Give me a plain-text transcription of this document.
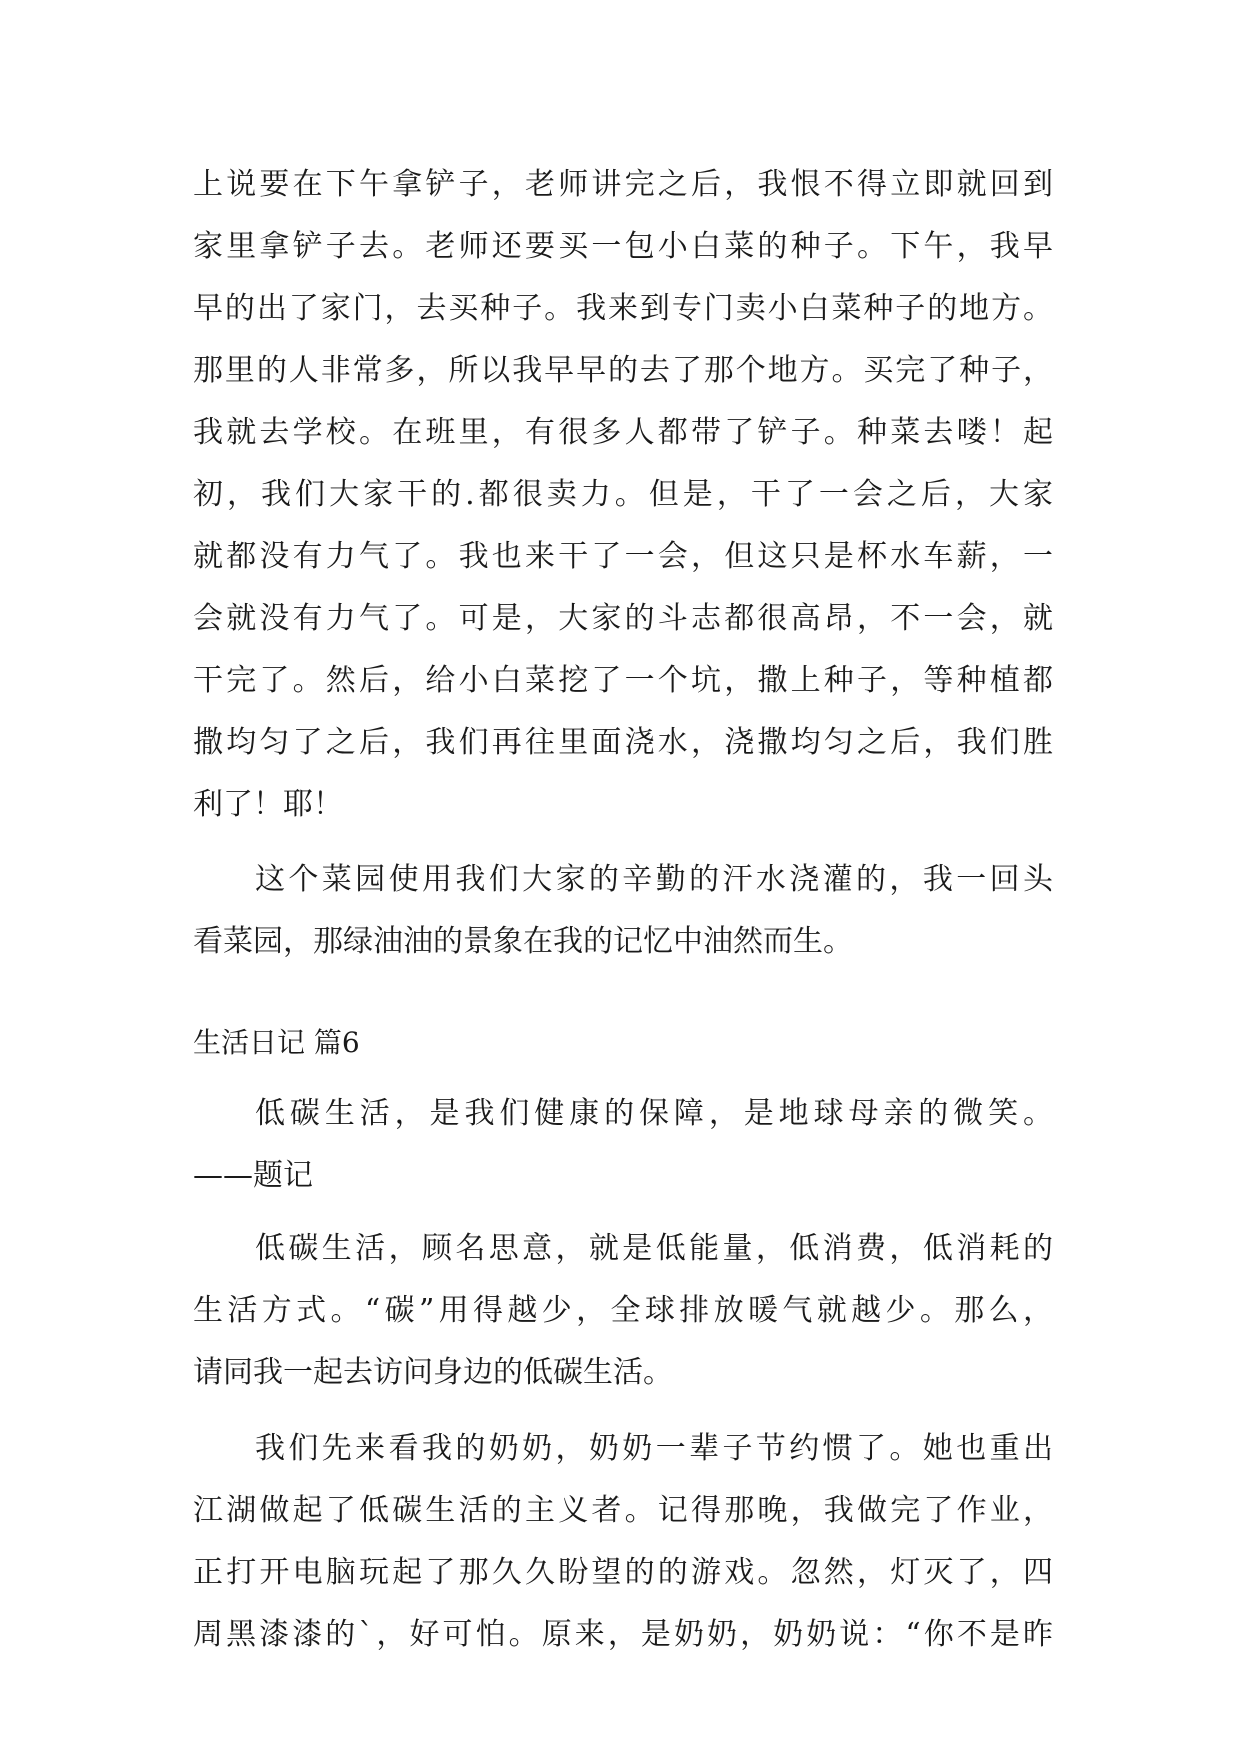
上说要在下午拿铲子，老师讲完之后，我恨不得立即就回到

家里拿铲子去。老师还要买一包小白菜的种子。下午，我早

早的出了家门，去买种子。我来到专门卖小白菜种子的地方。

那里的人非常多，所以我早早的去了那个地方。买完了种子，

我就去学校。在班里，有很多人都带了铲子。种菜去喽！起

初，我们大家干的.都很卖力。但是，干了一会之后，大家

就都没有力气了。我也来干了一会，但这只是杯水车薪，一

会就没有力气了。可是，大家的斗志都很高昂，不一会，就

干完了。然后，给小白菜挖了一个坑，撒上种子，等种植都

撒均匀了之后，我们再往里面浇水，浇撒均匀之后，我们胜

利了！耶！

这个菜园使用我们大家的辛勤的汗水浇灌的，我一回头

看菜园，那绿油油的景象在我的记忆中油然而生。

生活日记 篇6

低碳生活，是我们健康的保障，是地球母亲的微笑。

——题记

低碳生活，顾名思意，就是低能量，低消费，低消耗的

生活方式。“碳”用得越少，全球排放暖气就越少。那么，

请同我一起去访问身边的低碳生活。

我们先来看我的奶奶，奶奶一辈子节约惯了。她也重出

江湖做起了低碳生活的主义者。记得那晚，我做完了作业，

正打开电脑玩起了那久久盼望的的游戏。忽然，灯灭了，四

周黑漆漆的`，好可怕。原来，是奶奶，奶奶说：“你不是昨
